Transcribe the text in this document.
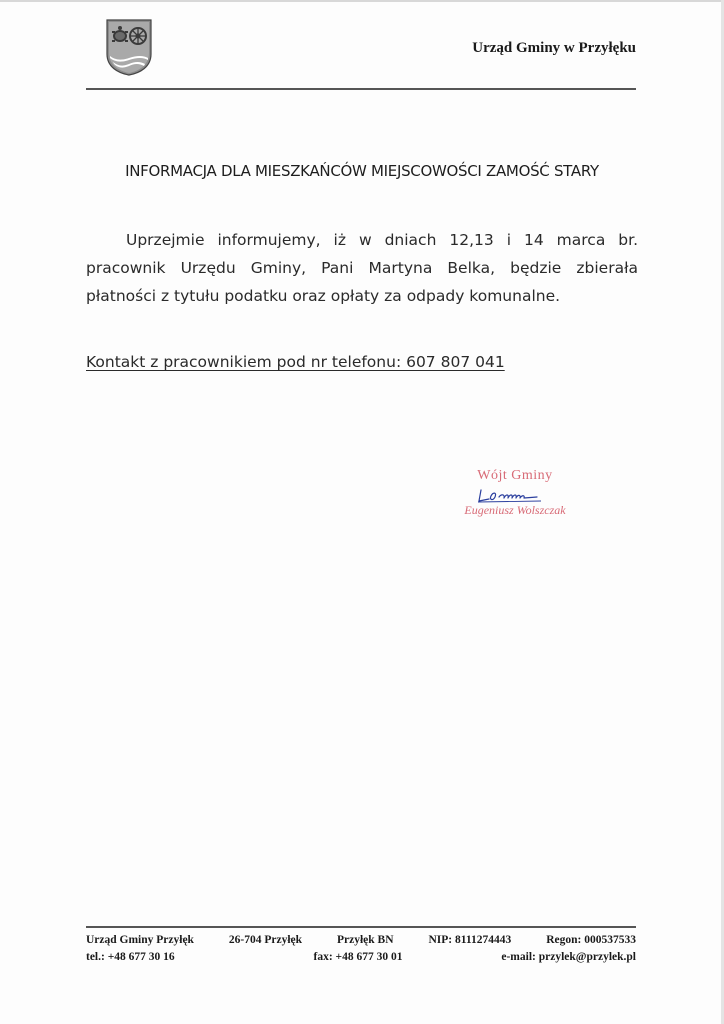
Urząd Gminy w Przyłęku
INFORMACJA DLA MIESZKAŃCÓW MIEJSCOWOŚCI ZAMOŚĆ STARY
Uprzejmie informujemy, iż w dniach 12,13 i 14 marca br. pracownik Urzędu Gminy, Pani Martyna Belka, będzie zbierała płatności z tytułu podatku oraz opłaty za odpady komunalne.
Kontakt z pracownikiem pod nr telefonu: 607 807 041
Wójt Gminy
Eugeniusz Wolszczak
Urząd Gminy Przyłęk	26-704 Przyłęk	Przyłęk BN	NIP: 8111274443	Regon: 000537533
tel.: +48 677 30 16	fax: +48 677 30 01	e-mail: przylek@przylek.pl
